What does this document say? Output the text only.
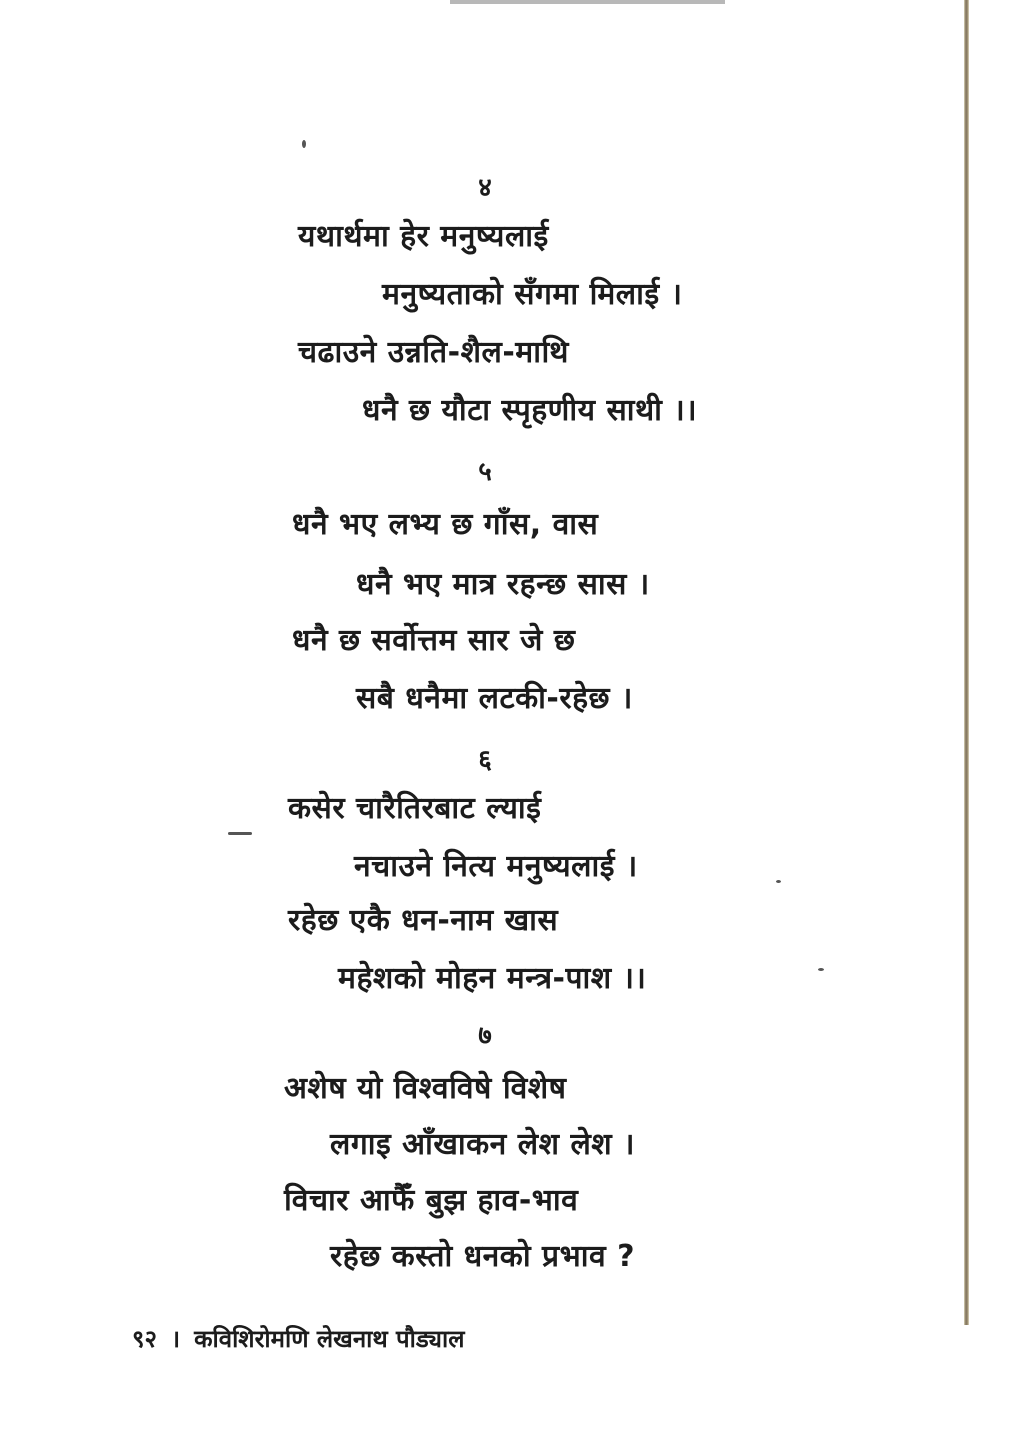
४
यथार्थमा हेर मनुष्यलाई
मनुष्यताको सँगमा मिलाई ।
चढाउने उन्नति-शैल-माथि
धनै छ यौटा स्पृहणीय साथी ।।
५
धनै भए लभ्य छ गाँस, वास
धनै भए मात्र रहन्छ सास ।
धनै छ सर्वोत्तम सार जे छ
सबै धनैमा लटकी-रहेछ ।
६
कसेर चारैतिरबाट ल्याई
नचाउने नित्य मनुष्यलाई ।
रहेछ एकै धन-नाम खास
महेशको मोहन मन्त्र-पाश ।।
७
अशेष यो विश्वविषे विशेष
लगाइ आँखाकन लेश लेश ।
विचार आफैँ बुझ हाव-भाव
रहेछ कस्तो धनको प्रभाव ?
९२ । कविशिरोमणि लेखनाथ पौड्याल
